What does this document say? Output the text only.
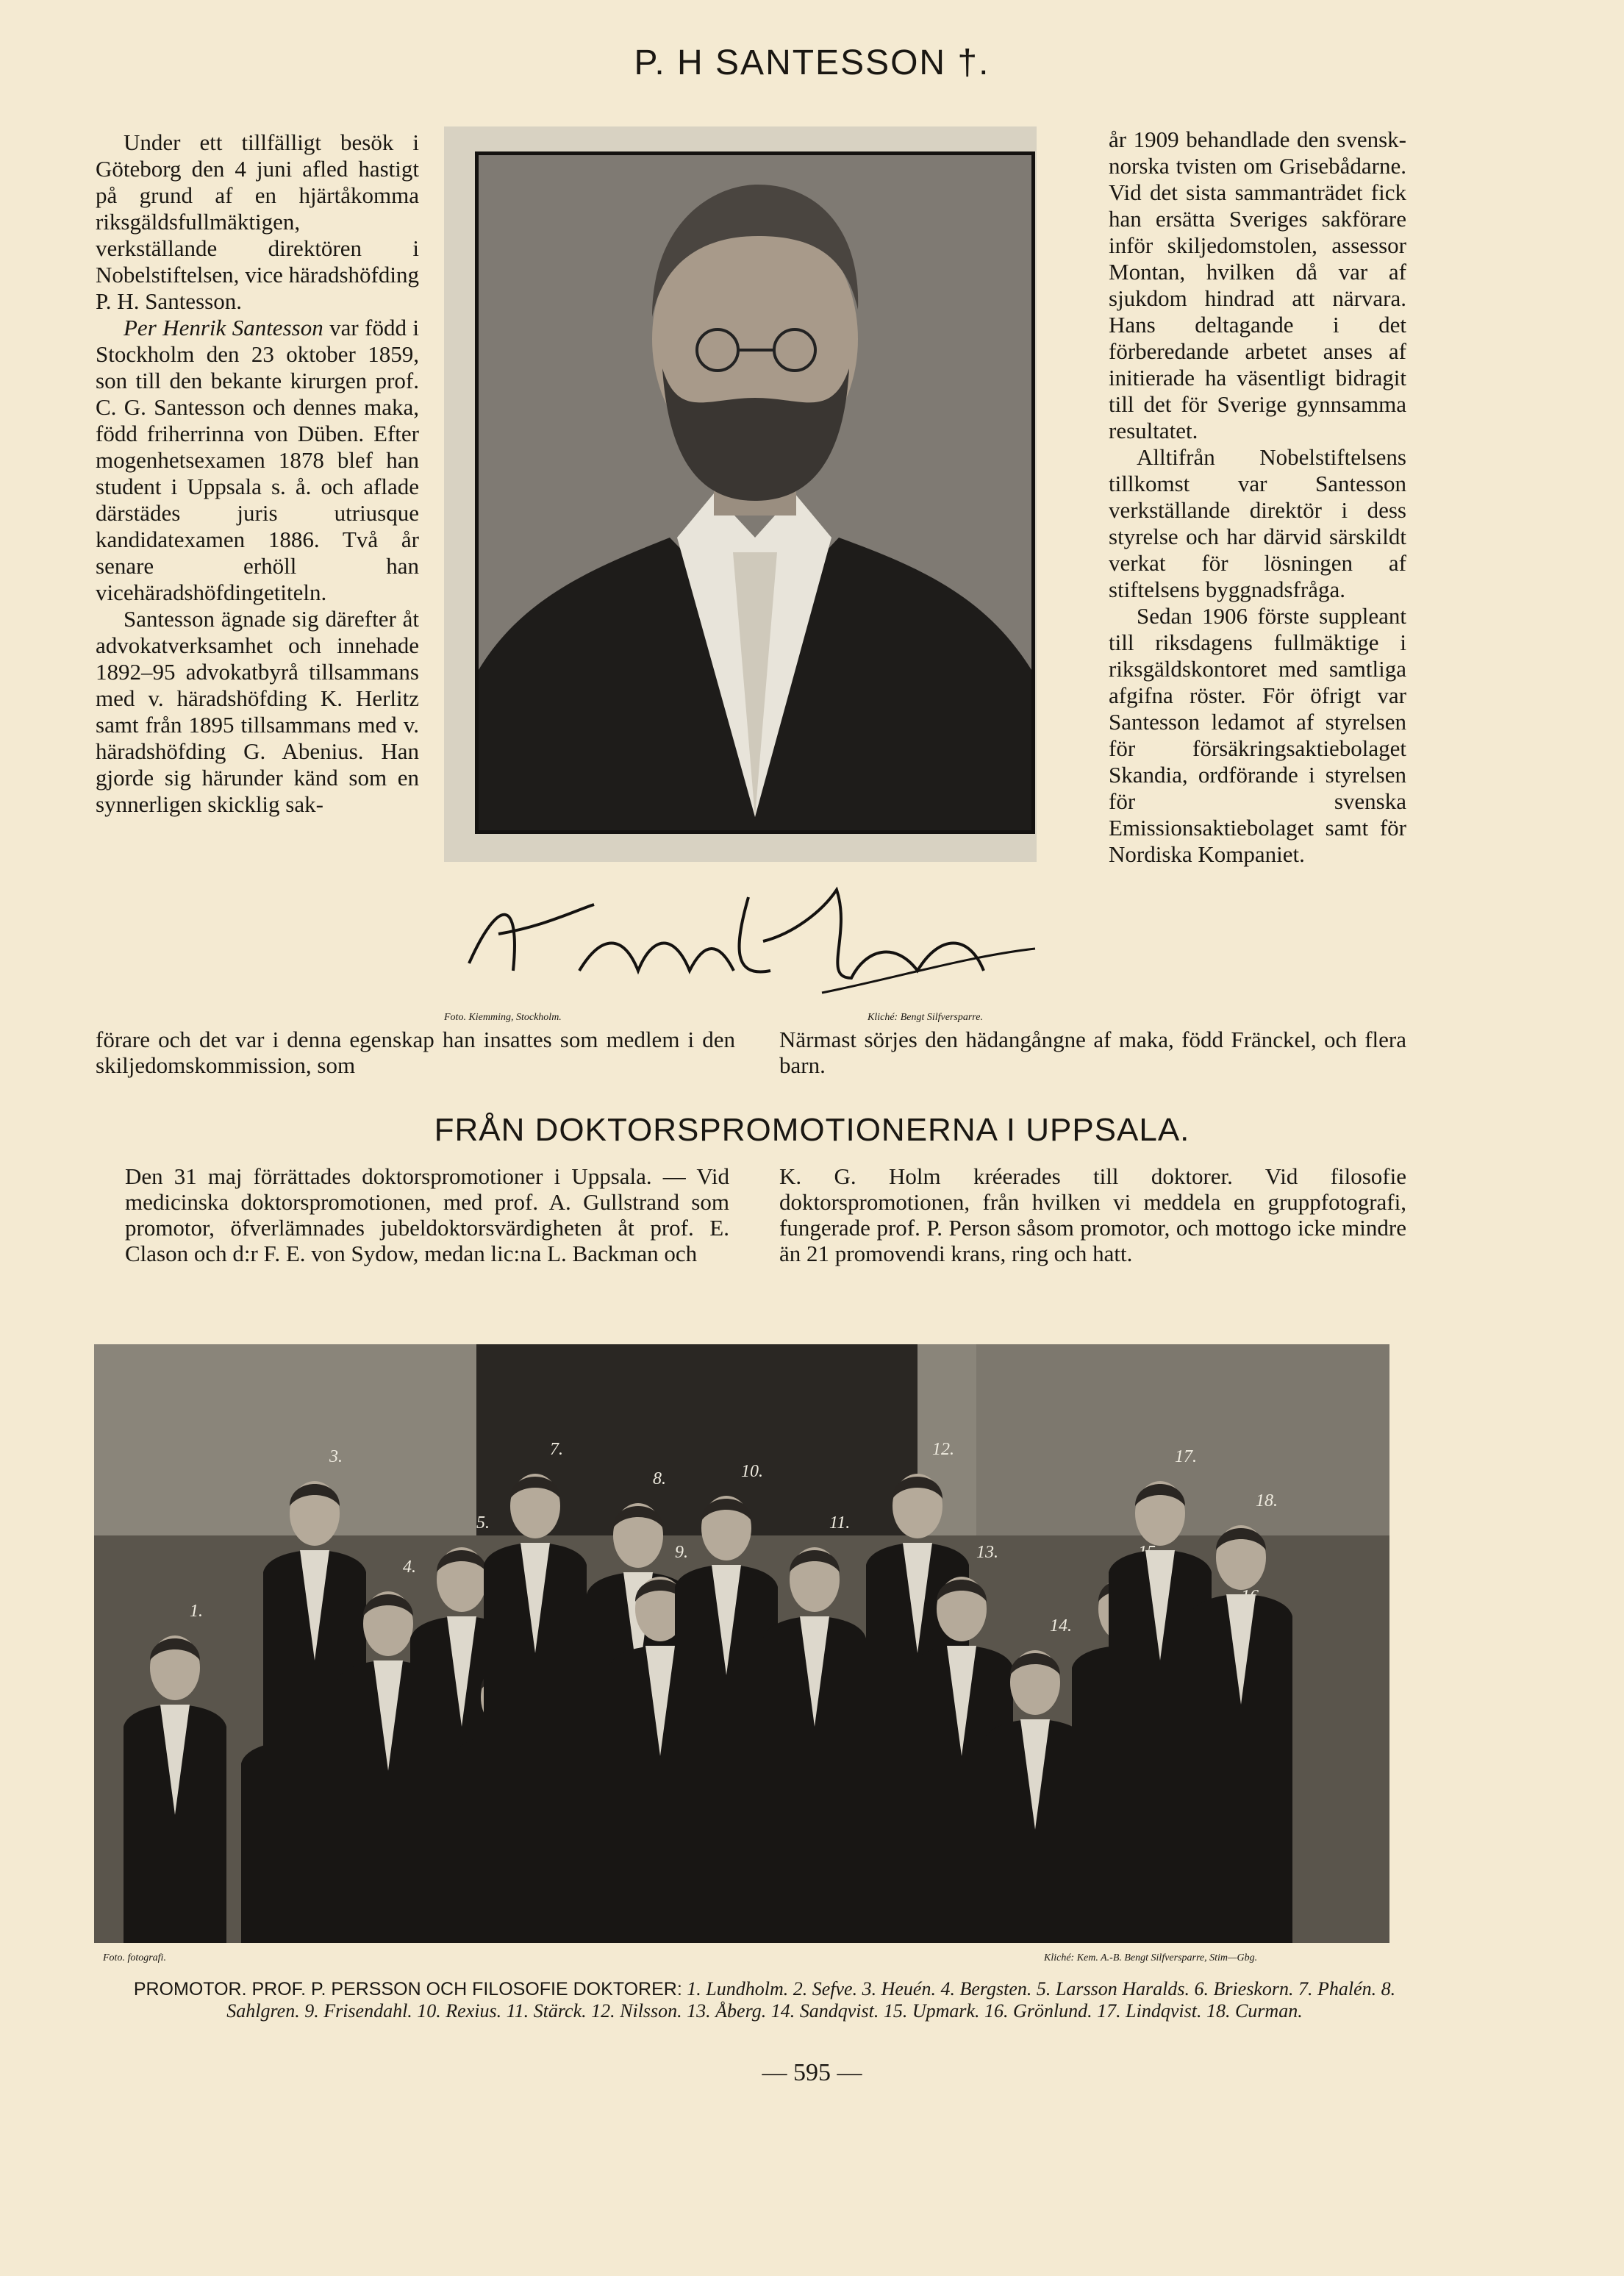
P. H SANTESSON †.

Under ett tillfälligt besök i Göteborg den 4 juni afled hastigt på grund af en hjärtåkomma riksgäldsfullmäktigen, verkställande direktören i Nobelstiftelsen, vice häradshöfding P. H. Santesson.

Per Henrik Santesson var född i Stockholm den 23 oktober 1859, son till den bekante kirurgen prof. C. G. Santesson och dennes maka, född friherrinna von Düben. Efter mogenhetsexamen 1878 blef han student i Uppsala s. å. och aflade därstädes juris utriusque kandidatexamen 1886. Två år senare erhöll han vicehäradshöfdingetiteln.

Santesson ägnade sig därefter åt advokatverksamhet och innehade 1892–95 advokatbyrå tillsammans med v. häradshöfding K. Herlitz samt från 1895 tillsammans med v. häradshöfding G. Abenius. Han gjorde sig härunder känd som en synnerligen skicklig sak-

Foto. Kiemming, Stockholm.	Kliché: Bengt Silfversparre.

år 1909 behandlade den svensk-norska tvisten om Grisebådarne. Vid det sista sammanträdet fick han ersätta Sveriges sakförare inför skiljedomstolen, assessor Montan, hvilken då var af sjukdom hindrad att närvara. Hans deltagande i det förberedande arbetet anses af initierade ha väsentligt bidragit till det för Sverige gynnsamma resultatet.

Alltifrån Nobelstiftelsens tillkomst var Santesson verkställande direktör i dess styrelse och har därvid särskildt verkat för lösningen af stiftelsens byggnadsfråga.

Sedan 1906 förste suppleant till riksdagens fullmäktige i riksgäldskontoret med samtliga afgifna röster. För öfrigt var Santesson ledamot af styrelsen för försäkringsaktiebolaget Skandia, ordförande i styrelsen för svenska Emissionsaktiebolaget samt för Nordiska Kompaniet.

förare och det var i denna egenskap han insattes som medlem i den skiljedomskommission, som
Närmast sörjes den hädangångne af maka, född Fränckel, och flera barn.
FRÅN DOKTORSPROMOTIONERNA I UPPSALA.
Den 31 maj förrättades doktorspromotioner i Uppsala. — Vid medicinska doktorspromotionen, med prof. A. Gullstrand som promotor, öfverlämnades jubeldoktorsvärdigheten åt prof. E. Clason och d:r F. E. von Sydow, medan lic:na L. Backman och
K. G. Holm kréerades till doktorer. Vid filosofie doktorspromotionen, från hvilken vi meddela en gruppfotografi, fungerade prof. P. Person såsom promotor, och mottogo icke mindre än 21 promovendi krans, ring och hatt.
1.
3.
4.
5.
7.
8.
9.
10.
11.
12.
13.
14.
17.
18.
Foto. fotografi.	Kliché: Kem. A.-B. Bengt Silfversparre, Stim—Gbg.
PROMOTOR. PROF. P. PERSSON OCH FILOSOFIE DOKTORER: 1. Lundholm. 2. Sefve. 3. Heuén. 4. Bergsten. 5. Larsson Haralds. 6. Brieskorn. 7. Phalén. 8. Sahlgren. 9. Frisendahl. 10. Rexius. 11. Stärck. 12. Nilsson. 13. Åberg. 14. Sandqvist. 15. Upmark. 16. Grönlund. 17. Lindqvist. 18. Curman.
— 595 —
